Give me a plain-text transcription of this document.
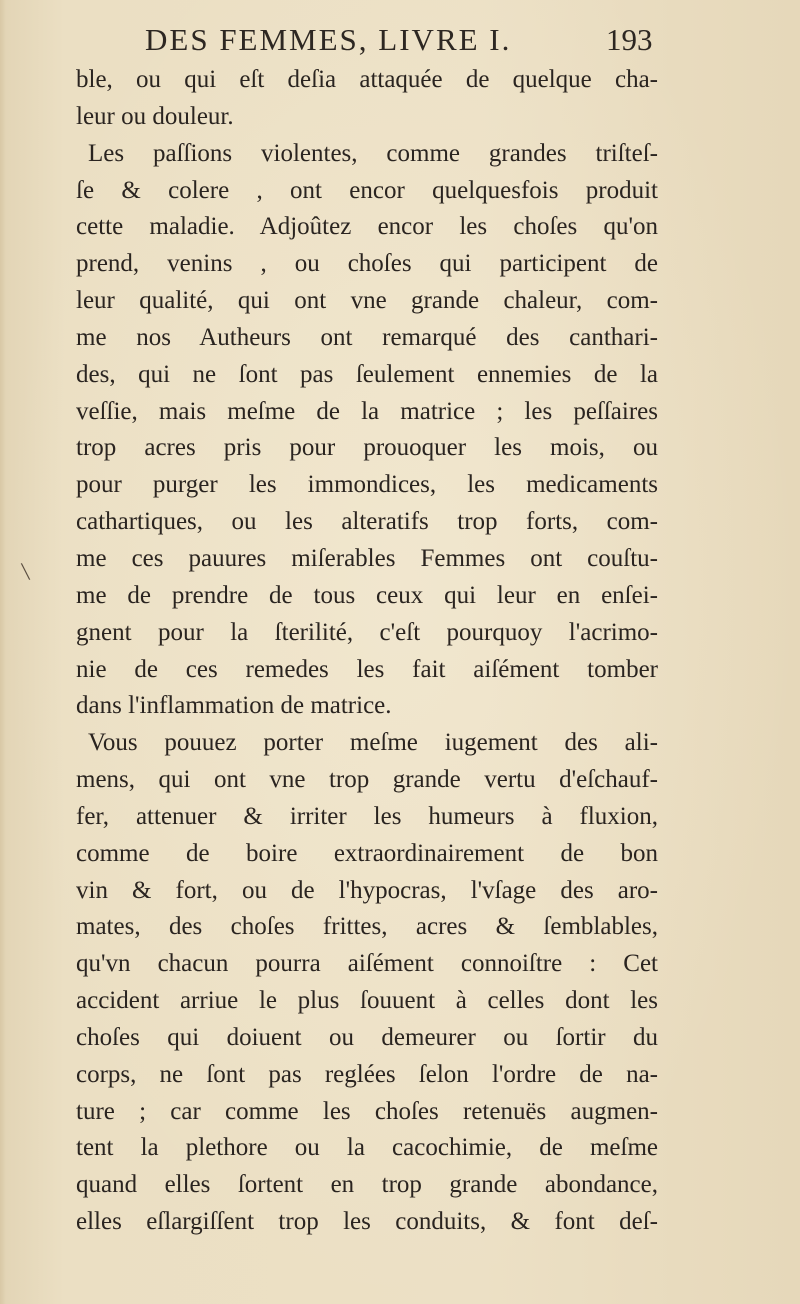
DES FEMMES, LIVRE I.	193
\
ble, ou qui eſt deſia attaquée de quelque cha-
leur ou douleur.
Les paſſions violentes, comme grandes triſteſ-
ſe & colere , ont encor quelquesfois produit
cette maladie. Adjoûtez encor les choſes qu'on
prend, venins , ou choſes qui participent de
leur qualité, qui ont vne grande chaleur, com-
me nos Autheurs ont remarqué des canthari-
des, qui ne ſont pas ſeulement ennemies de la
veſſie, mais meſme de la matrice ; les peſſaires
trop acres pris pour prouoquer les mois, ou
pour purger les immondices, les medicaments
cathartiques, ou les alteratifs trop forts, com-
me ces pauures miſerables Femmes ont couſtu-
me de prendre de tous ceux qui leur en enſei-
gnent pour la ſterilité, c'eſt pourquoy l'acrimo-
nie de ces remedes les fait aiſément tomber
dans l'inflammation de matrice.
Vous pouuez porter meſme iugement des ali-
mens, qui ont vne trop grande vertu d'eſchauf-
fer, attenuer & irriter les humeurs à fluxion,
comme de boire extraordinairement de bon
vin & fort, ou de l'hypocras, l'vſage des aro-
mates, des choſes frittes, acres & ſemblables,
qu'vn chacun pourra aiſément connoiſtre : Cet
accident arriue le plus ſouuent à celles dont les
choſes qui doiuent ou demeurer ou ſortir du
corps, ne ſont pas reglées ſelon l'ordre de na-
ture ; car comme les choſes retenuës augmen-
tent la plethore ou la cacochimie, de meſme
quand elles ſortent en trop grande abondance,
elles eſlargiſſent trop les conduits, & font deſ-
